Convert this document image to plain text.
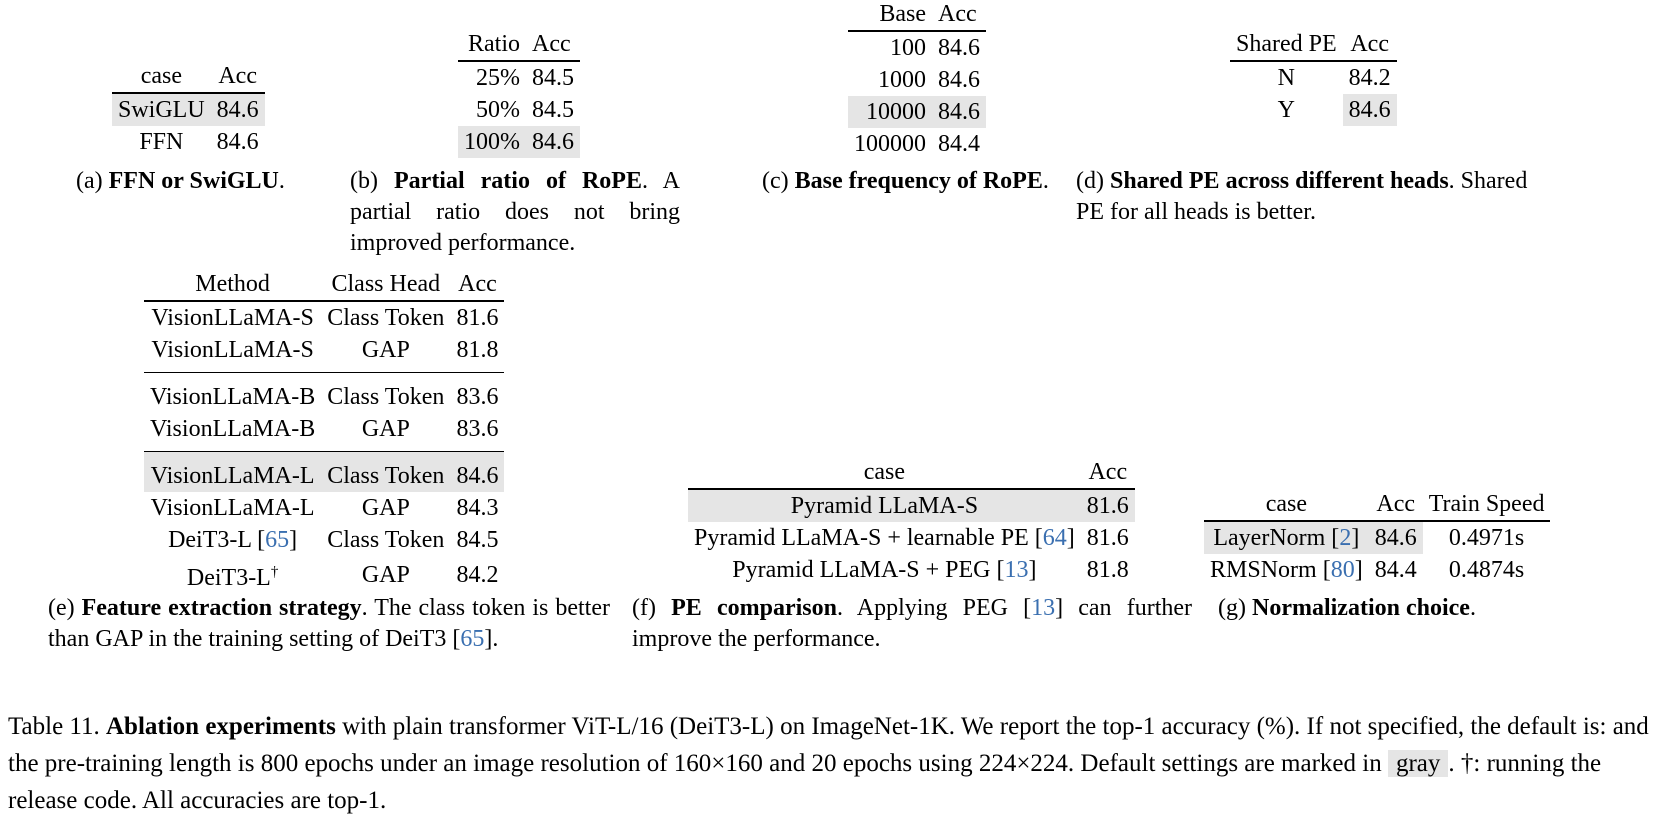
case	Acc
SwiGLU	84.6
FFN	84.6
(a) FFN or SwiGLU.
Ratio	Acc
25%	84.5
50%	84.5
100%	84.6
(b) Partial ratio of RoPE. A partial ratio does not bring improved performance.
Base	Acc
100	84.6
1000	84.6
10000	84.6
100000	84.4
(c) Base frequency of RoPE.
Shared PE	Acc
N	84.2
Y	84.6
(d) Shared PE across different heads. Shared PE for all heads is better.
Method	Class Head	Acc
VisionLLaMA-S	Class Token	81.6
VisionLLaMA-S	GAP	81.8
VisionLLaMA-B	Class Token	83.6
VisionLLaMA-B	GAP	83.6
VisionLLaMA-L	Class Token	84.6
VisionLLaMA-L	GAP	84.3
DeiT3-L [65]	Class Token	84.5
DeiT3-L†	GAP	84.2
(e) Feature extraction strategy. The class token is better than GAP in the training setting of DeiT3 [65].
case	Acc
Pyramid LLaMA-S	81.6
Pyramid LLaMA-S + learnable PE [64]	81.6
Pyramid LLaMA-S + PEG [13]	81.8
(f) PE comparison. Applying PEG [13] can further improve the performance.
case	Acc	Train Speed
LayerNorm [2]	84.6	0.4971s
RMSNorm [80]	84.4	0.4874s
(g) Normalization choice.
Table 11. Ablation experiments with plain transformer ViT-L/16 (DeiT3-L) on ImageNet-1K. We report the top-1 accuracy (%). If not specified, the default is: and the pre-training length is 800 epochs under an image resolution of 160×160 and 20 epochs using 224×224. Default settings are marked in gray . †: running the release code. All accuracies are top-1.
